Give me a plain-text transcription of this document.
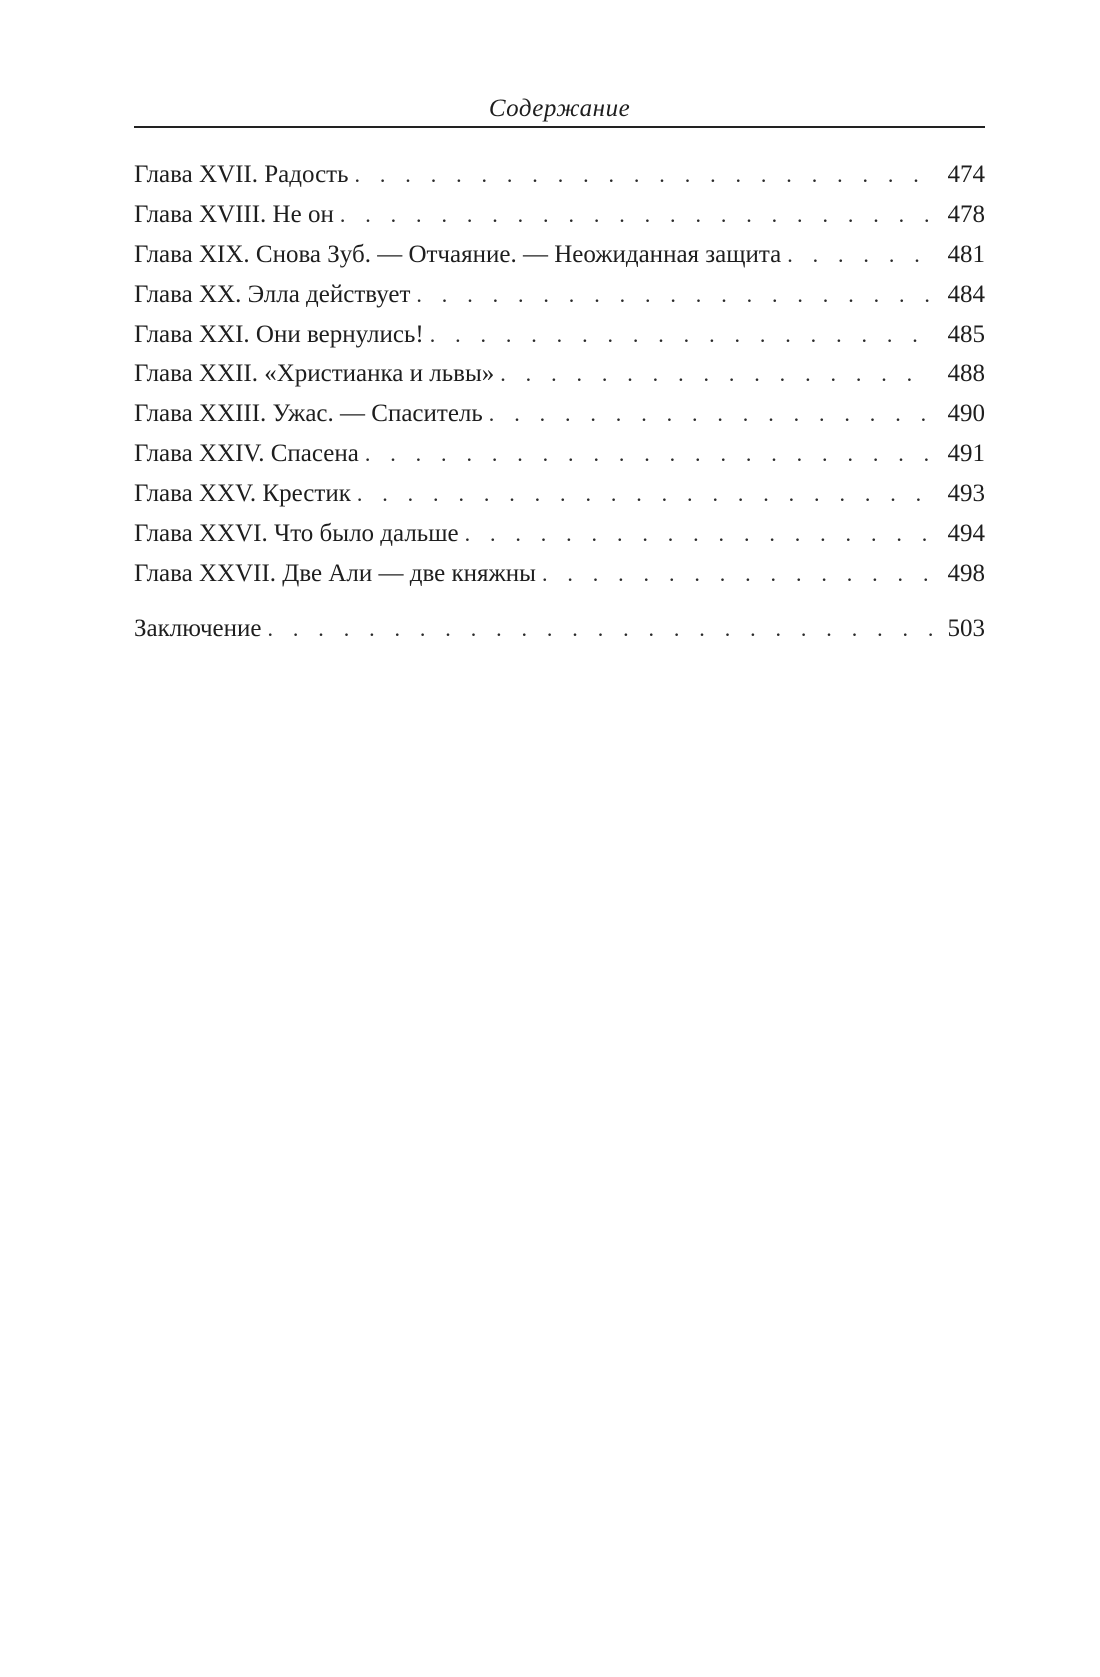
Содержание
Глава XVII. Радость . . .	474
Глава XVIII. Не он . . .	478
Глава XIX. Снова Зуб. — Отчаяние. — Неожиданная защита . . .	481
Глава XX. Элла действует . . .	484
Глава XXI. Они вернулись! . . .	485
Глава XXII. «Христианка и львы» . . .	488
Глава XXIII. Ужас. — Спаситель . . .	490
Глава XXIV. Спасена . . .	491
Глава XXV. Крестик . . .	493
Глава XXVI. Что было дальше . . .	494
Глава XXVII. Две Али — две княжны . . .	498
Заключение . . .	503
